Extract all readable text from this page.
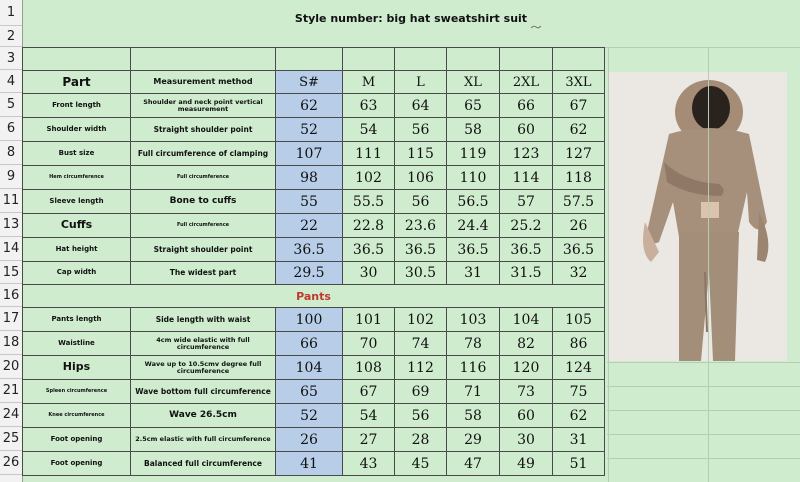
1
2
3
4
5
6
8
9
11
13
14
15
16
17
18
20
21
24
25
26
Style number: big hat sweatshirt suit

Part	Measurement method	S#	M	L	XL	2XL	3XL
Front length	Shoulder and neck point vertical measurement	62	63	64	65	66	67
Shoulder width	Straight shoulder point	52	54	56	58	60	62
Bust size	Full circumference of clamping	107	111	115	119	123	127
Hem circumference	Full circumference	98	102	106	110	114	118
Sleeve length	Bone to cuffs	55	55.5	56	56.5	57	57.5
Cuffs	Full circumference	22	22.8	23.6	24.4	25.2	26
Hat height	Straight shoulder point	36.5	36.5	36.5	36.5	36.5	36.5
Cap width	The widest part	29.5	30	30.5	31	31.5	32
Pants							
Pants length	Side length with waist	100	101	102	103	104	105
Waistline	4cm wide elastic with full circumference	66	70	74	78	82	86
Hips	Wave up to 10.5cmv degree full circumference	104	108	112	116	120	124
Spleen circumference	Wave bottom full circumference	65	67	69	71	73	75
Knee circumference	Wave 26.5cm	52	54	56	58	60	62
Foot opening	2.5cm elastic with full circumference	26	27	28	29	30	31
Foot opening	Balanced full circumference	41	43	45	47	49	51
